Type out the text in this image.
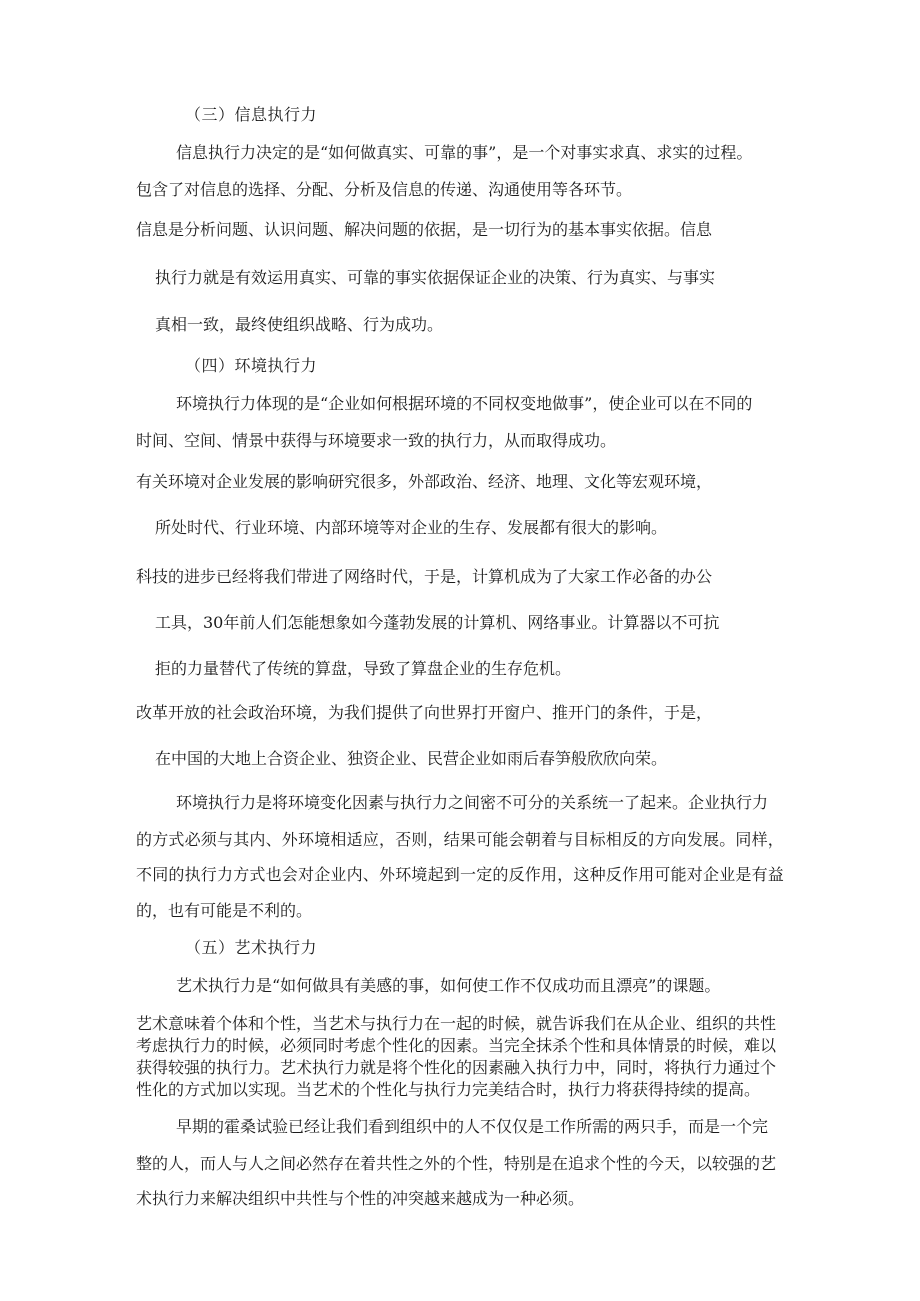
（三）信息执行力
信息执行力决定的是“如何做真实、可靠的事”，是一个对事实求真、求实的过程。
包含了对信息的选择、分配、分析及信息的传递、沟通使用等各环节。
信息是分析问题、认识问题、解决问题的依据，是一切行为的基本事实依据。信息
执行力就是有效运用真实、可靠的事实依据保证企业的决策、行为真实、与事实
真相一致，最终使组织战略、行为成功。
（四）环境执行力
环境执行力体现的是“企业如何根据环境的不同权变地做事”，使企业可以在不同的
时间、空间、情景中获得与环境要求一致的执行力，从而取得成功。
有关环境对企业发展的影响研究很多，外部政治、经济、地理、文化等宏观环境，
所处时代、行业环境、内部环境等对企业的生存、发展都有很大的影响。
科技的进步已经将我们带进了网络时代，于是，计算机成为了大家工作必备的办公
工具，30年前人们怎能想象如今蓬勃发展的计算机、网络事业。计算器以不可抗
拒的力量替代了传统的算盘，导致了算盘企业的生存危机。
改革开放的社会政治环境，为我们提供了向世界打开窗户、推开门的条件，于是，
在中国的大地上合资企业、独资企业、民营企业如雨后春笋般欣欣向荣。
环境执行力是将环境变化因素与执行力之间密不可分的关系统一了起来。企业执行力
的方式必须与其内、外环境相适应，否则，结果可能会朝着与目标相反的方向发展。同样，
不同的执行力方式也会对企业内、外环境起到一定的反作用，这种反作用可能对企业是有益
的，也有可能是不利的。
（五）艺术执行力
艺术执行力是“如何做具有美感的事，如何使工作不仅成功而且漂亮”的课题。
艺术意味着个体和个性，当艺术与执行力在一起的时候，就告诉我们在从企业、组织的共性
考虑执行力的时候，必须同时考虑个性化的因素。当完全抹杀个性和具体情景的时候，难以
获得较强的执行力。艺术执行力就是将个性化的因素融入执行力中，同时，将执行力通过个
性化的方式加以实现。当艺术的个性化与执行力完美结合时，执行力将获得持续的提高。
早期的霍桑试验已经让我们看到组织中的人不仅仅是工作所需的两只手，而是一个完
整的人，而人与人之间必然存在着共性之外的个性，特别是在追求个性的今天，以较强的艺
术执行力来解决组织中共性与个性的冲突越来越成为一种必须。
